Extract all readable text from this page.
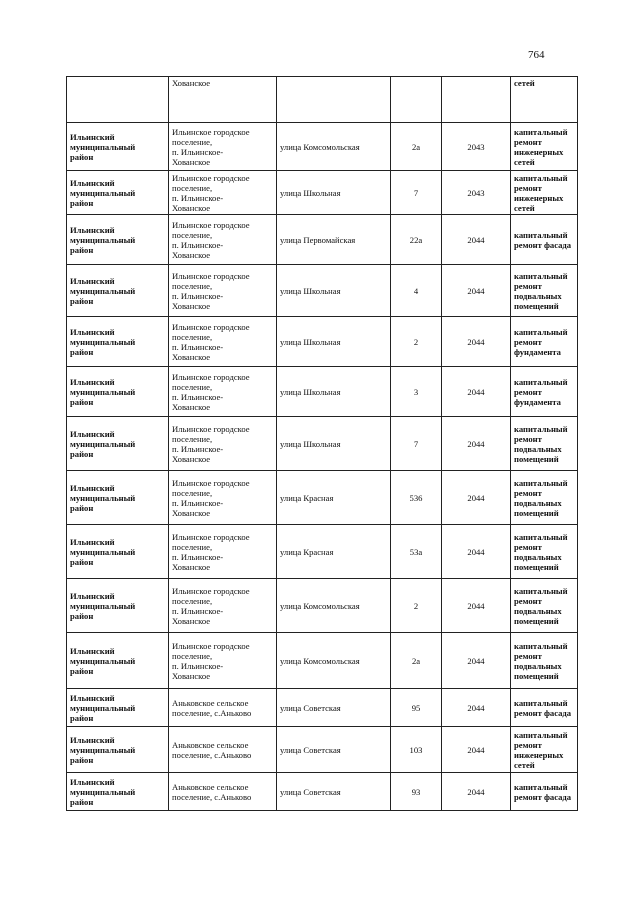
764

	Хованское				сетей

Ильинский
муниципальный
район	Ильинское городское
поселение,
п. Ильинское-
Хованское	улица Комсомольская	2а	2043	капитальный
ремонт
инженерных
сетей

Ильинский
муниципальный
район	Ильинское городское
поселение,
п. Ильинское-
Хованское	улица Школьная	7	2043	капитальный
ремонт
инженерных
сетей

Ильинский
муниципальный
район	Ильинское городское
поселение,
п. Ильинское-
Хованское	улица Первомайская	22а	2044	капитальный
ремонт фасада

Ильинский
муниципальный
район	Ильинское городское
поселение,
п. Ильинское-
Хованское	улица Школьная	4	2044	капитальный
ремонт
подвальных
помещений

Ильинский
муниципальный
район	Ильинское городское
поселение,
п. Ильинское-
Хованское	улица Школьная	2	2044	капитальный
ремонт
фундамента

Ильинский
муниципальный
район	Ильинское городское
поселение,
п. Ильинское-
Хованское	улица Школьная	3	2044	капитальный
ремонт
фундамента

Ильинский
муниципальный
район	Ильинское городское
поселение,
п. Ильинское-
Хованское	улица Школьная	7	2044	капитальный
ремонт
подвальных
помещений

Ильинский
муниципальный
район	Ильинское городское
поселение,
п. Ильинское-
Хованское	улица Красная	536	2044	капитальный
ремонт
подвальных
помещений

Ильинский
муниципальный
район	Ильинское городское
поселение,
п. Ильинское-
Хованское	улица Красная	53а	2044	капитальный
ремонт
подвальных
помещений

Ильинский
муниципальный
район	Ильинское городское
поселение,
п. Ильинское-
Хованское	улица Комсомольская	2	2044	капитальный
ремонт
подвальных
помещений

Ильинский
муниципальный
район	Ильинское городское
поселение,
п. Ильинское-
Хованское	улица Комсомольская	2а	2044	капитальный
ремонт
подвальных
помещений

Ильинский
муниципальный
район	Аньковское сельское
поселение, с.Аньково	улица Советская	95	2044	капитальный
ремонт фасада

Ильинский
муниципальный
район	Аньковское сельское
поселение, с.Аньково	улица Советская	103	2044	капитальный
ремонт
инженерных
сетей

Ильинский
муниципальный
район	Аньковское сельское
поселение, с.Аньково	улица Советская	93	2044	капитальный
ремонт фасада
